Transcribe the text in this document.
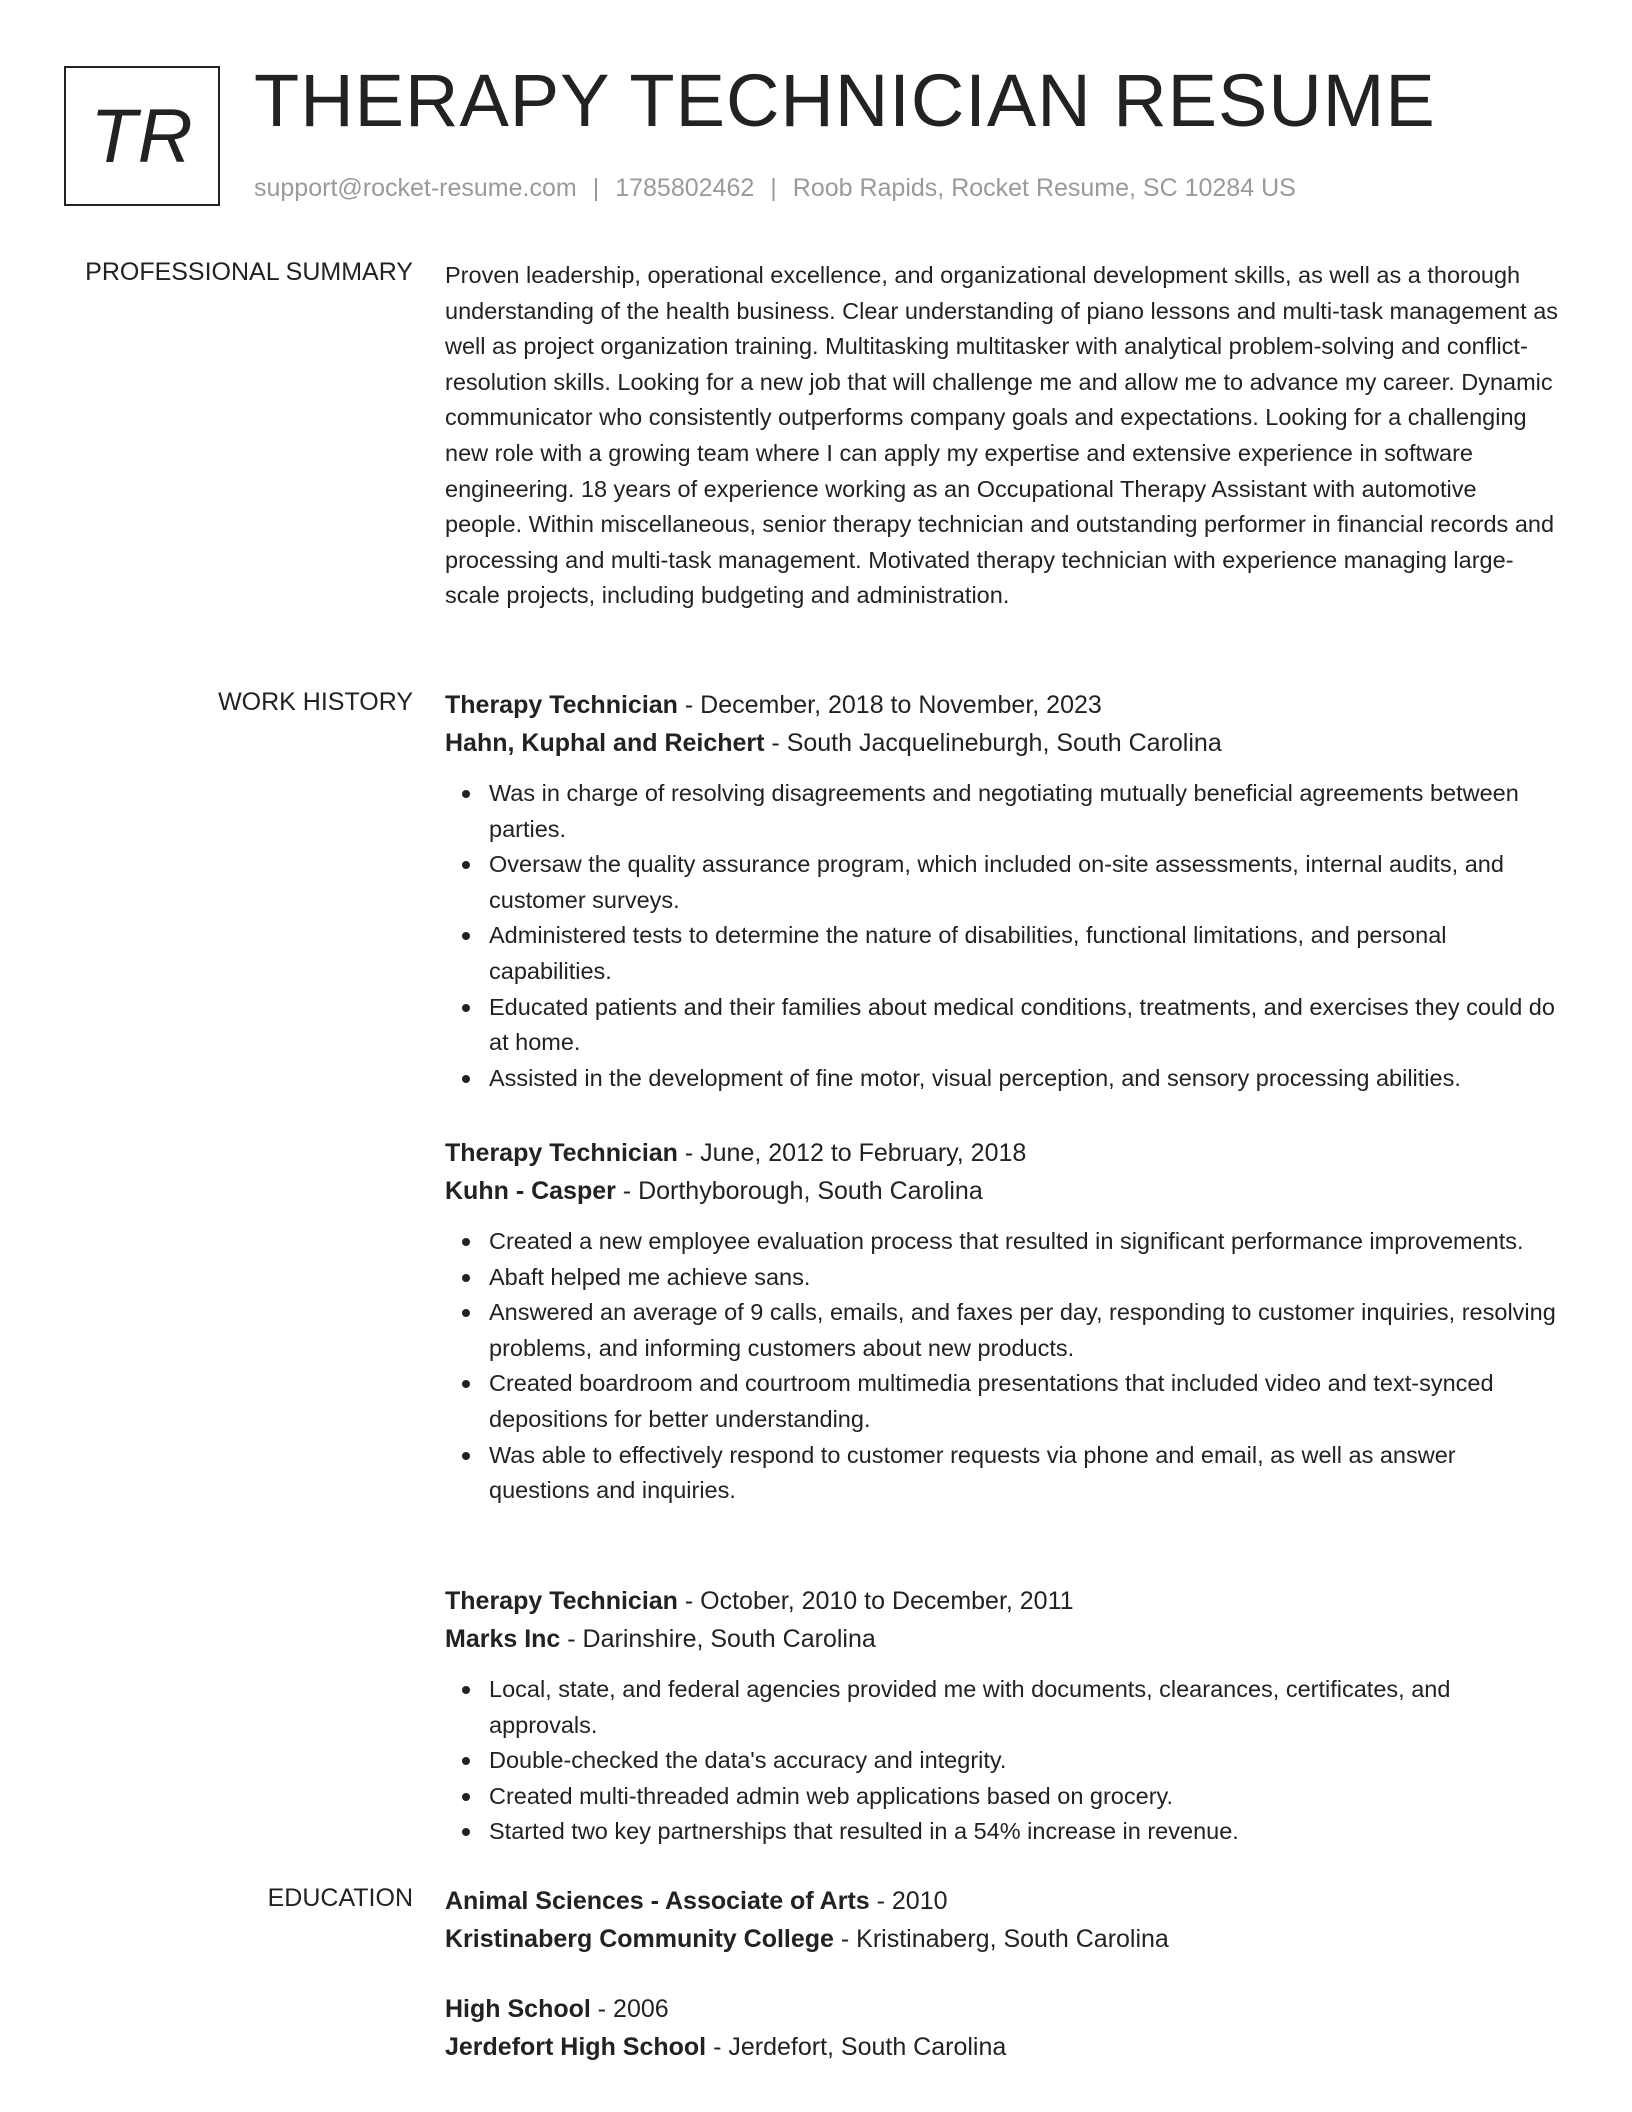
TR THERAPY TECHNICIAN RESUME
support@rocket-resume.com | 1785802462 | Roob Rapids, Rocket Resume, SC 10284 US
PROFESSIONAL SUMMARY Proven leadership, operational excellence, and organizational development skills, as well as a thorough understanding of the health business. Clear understanding of piano lessons and multi-task management as well as project organization training. Multitasking multitasker with analytical problem-solving and conflict-resolution skills. Looking for a new job that will challenge me and allow me to advance my career. Dynamic communicator who consistently outperforms company goals and expectations. Looking for a challenging new role with a growing team where I can apply my expertise and extensive experience in software engineering. 18 years of experience working as an Occupational Therapy Assistant with automotive people. Within miscellaneous, senior therapy technician and outstanding performer in financial records and processing and multi-task management. Motivated therapy technician with experience managing large-scale projects, including budgeting and administration.

WORK HISTORY Therapy Technician - December, 2018 to November, 2023
Hahn, Kuphal and Reichert - South Jacquelineburgh, South Carolina
Was in charge of resolving disagreements and negotiating mutually beneficial agreements between parties.
Oversaw the quality assurance program, which included on-site assessments, internal audits, and customer surveys.
Administered tests to determine the nature of disabilities, functional limitations, and personal capabilities.
Educated patients and their families about medical conditions, treatments, and exercises they could do at home.
Assisted in the development of fine motor, visual perception, and sensory processing abilities.
Therapy Technician - June, 2012 to February, 2018
Kuhn - Casper - Dorthyborough, South Carolina
Created a new employee evaluation process that resulted in significant performance improvements.
Abaft helped me achieve sans.
Answered an average of 9 calls, emails, and faxes per day, responding to customer inquiries, resolving problems, and informing customers about new products.
Created boardroom and courtroom multimedia presentations that included video and text-synced depositions for better understanding.
Was able to effectively respond to customer requests via phone and email, as well as answer questions and inquiries.
Therapy Technician - October, 2010 to December, 2011
Marks Inc - Darinshire, South Carolina
Local, state, and federal agencies provided me with documents, clearances, certificates, and approvals.
Double-checked the data's accuracy and integrity.
Created multi-threaded admin web applications based on grocery.
Started two key partnerships that resulted in a 54% increase in revenue.
EDUCATION Animal Sciences - Associate of Arts - 2010
Kristinaberg Community College - Kristinaberg, South Carolina
High School - 2006
Jerdefort High School - Jerdefort, South Carolina
